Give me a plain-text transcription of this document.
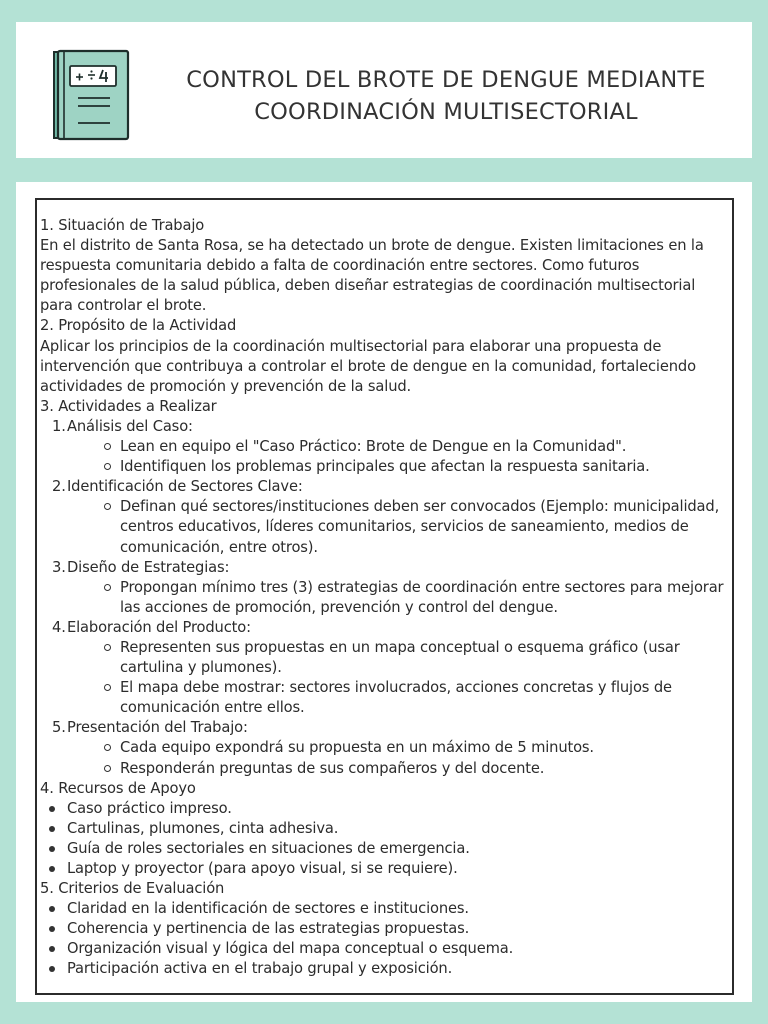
CONTROL DEL BROTE DE DENGUE MEDIANTE
COORDINACIÓN MULTISECTORIAL

1. Situación de Trabajo

En el distrito de Santa Rosa, se ha detectado un brote de dengue. Existen limitaciones en la respuesta comunitaria debido a falta de coordinación entre sectores. Como futuros profesionales de la salud pública, deben diseñar estrategias de coordinación multisectorial para controlar el brote.

2. Propósito de la Actividad

Aplicar los principios de la coordinación multisectorial para elaborar una propuesta de intervención que contribuya a controlar el brote de dengue en la comunidad, fortaleciendo actividades de promoción y prevención de la salud.

3. Actividades a Realizar

1. Análisis del Caso:
Lean en equipo el "Caso Práctico: Brote de Dengue en la Comunidad".
Identifiquen los problemas principales que afectan la respuesta sanitaria.
2. Identificación de Sectores Clave:
Definan qué sectores/instituciones deben ser convocados (Ejemplo: municipalidad, centros educativos, líderes comunitarios, servicios de saneamiento, medios de comunicación, entre otros).
3. Diseño de Estrategias:
Propongan mínimo tres (3) estrategias de coordinación entre sectores para mejorar las acciones de promoción, prevención y control del dengue.
4. Elaboración del Producto:
Representen sus propuestas en un mapa conceptual o esquema gráfico (usar cartulina y plumones).
El mapa debe mostrar: sectores involucrados, acciones concretas y flujos de comunicación entre ellos.
5. Presentación del Trabajo:
Cada equipo expondrá su propuesta en un máximo de 5 minutos.
Responderán preguntas de sus compañeros y del docente.

4. Recursos de Apoyo

Caso práctico impreso.
Cartulinas, plumones, cinta adhesiva.
Guía de roles sectoriales en situaciones de emergencia.
Laptop y proyector (para apoyo visual, si se requiere).

5. Criterios de Evaluación

Claridad en la identificación de sectores e instituciones.
Coherencia y pertinencia de las estrategias propuestas.
Organización visual y lógica del mapa conceptual o esquema.
Participación activa en el trabajo grupal y exposición.
